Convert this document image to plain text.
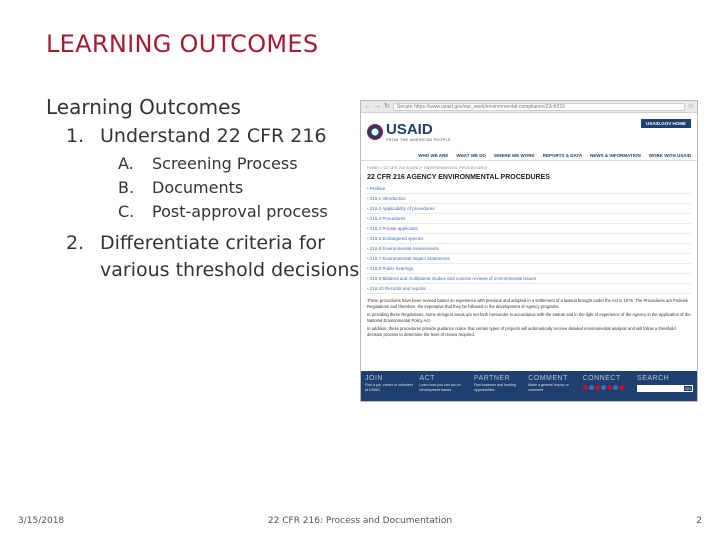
LEARNING OUTCOMES
Learning Outcomes
1. Understand 22 CFR 216
A.	Screening Process
B.	Documents
C.	Post-approval process
2. Differentiate criteria for various threshold decisions
← → ↻	Secure https://www.usaid.gov/our_work/environmental-compliance/22cfr216	☆
USAID
FROM THE AMERICAN PEOPLE
USAID.GOV HOME
WHO WE ARE WHAT WE DO WHERE WE WORK REPORTS & DATA NEWS & INFORMATION WORK WITH USAID
HOME > 22 CFR 216 AGENCY ENVIRONMENTAL PROCEDURES
22 CFR 216 AGENCY ENVIRONMENTAL PROCEDURES
• Preface
• 216.1 Introduction
• 216.2 Applicability of procedures
• 216.3 Procedures
• 216.4 Private applicants
• 216.5 Endangered species
• 216.6 Environmental Assessments
• 216.7 Environmental Impact Statements
• 216.8 Public hearings
• 216.9 Bilateral and multilateral studies and concise reviews of environmental issues
• 216.10 Records and reports

These procedures have been revised based on experience with previous and adopted in a settlement of a lawsuit brought under the Act in 1975. The Procedures are Federal Regulations and therefore, the imperative that they be followed in the development of Agency programs.

In providing these Regulations, some stringent areas are set forth hereunder in accordance with the statute and in the light of experience of the Agency in the application of the National Environmental Policy Act.

In addition, these procedures provide guidance notice that certain types of projects will automatically receive detailed environmental analysis and will follow a threshold decision process to determine the level of review required.

JOIN
Find a job, career or volunteer at USAID
ACT
Learn how you can act on development issues
PARTNER
Find business and funding opportunities
COMMENT
Make a general inquiry or comment
CONNECT	SEARCH
GO
3/15/2018	22 CFR 216: Process and Documentation	2
